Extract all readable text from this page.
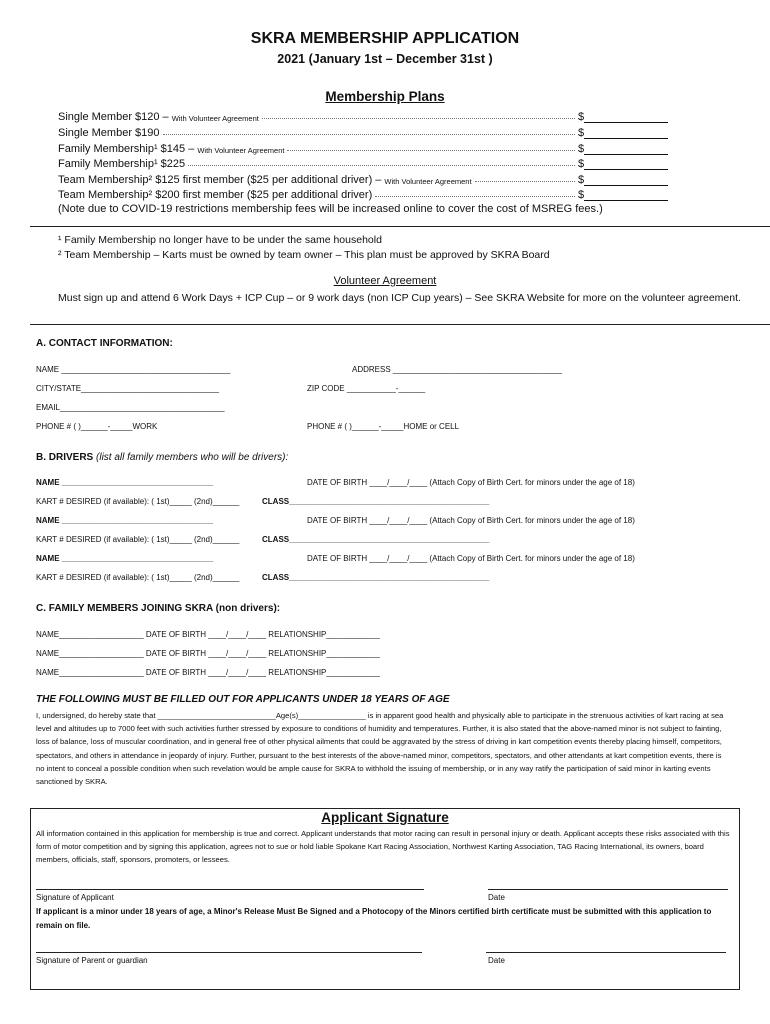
SKRA MEMBERSHIP APPLICATION
2021 (January 1st – December 31st )
Membership Plans
Single Member $120 – With Volunteer Agreement	$
Single Member $190	$
Family Membership¹ $145 – With Volunteer Agreement	$
Family Membership¹ $225	$
Team Membership² $125 first member ($25 per additional driver) – With Volunteer Agreement	$
Team Membership² $200 first member ($25 per additional driver)	$
(Note due to COVID-19 restrictions membership fees will be increased online to cover the cost of MSREG fees.)
¹ Family Membership no longer have to be under the same household
² Team Membership – Karts must be owned by team owner – This plan must be approved by SKRA Board
Volunteer Agreement
Must sign up and attend 6 Work Days + ICP Cup – or 9 work days (non ICP Cup years) – See SKRA Website for more on the volunteer agreement.
A. CONTACT INFORMATION:
NAME ______________________________________	ADDRESS ______________________________________
CITY/STATE_______________________________	ZIP CODE ___________-______
EMAIL_____________________________________
PHONE # ( )______-_____WORK	PHONE # ( )______-_____HOME or CELL
B. DRIVERS (list all family members who will be drivers):
NAME __________________________________	DATE OF BIRTH ____/____/____ (Attach Copy of Birth Cert. for minors under the age of 18)
KART # DESIRED (if available): ( 1st)_____ (2nd)______	CLASS_____________________________________________
NAME __________________________________	DATE OF BIRTH ____/____/____ (Attach Copy of Birth Cert. for minors under the age of 18)
KART # DESIRED (if available): ( 1st)_____ (2nd)______	CLASS_____________________________________________
NAME __________________________________	DATE OF BIRTH ____/____/____ (Attach Copy of Birth Cert. for minors under the age of 18)
KART # DESIRED (if available): ( 1st)_____ (2nd)______	CLASS_____________________________________________
C. FAMILY MEMBERS JOINING SKRA (non drivers):
NAME___________________ DATE OF BIRTH ____/____/____ RELATIONSHIP____________
NAME___________________ DATE OF BIRTH ____/____/____ RELATIONSHIP____________
NAME___________________ DATE OF BIRTH ____/____/____ RELATIONSHIP____________
THE FOLLOWING MUST BE FILLED OUT FOR APPLICANTS UNDER 18 YEARS OF AGE
I, undersigned, do hereby state that ____________________________Age(s)________________ is in apparent good health and physically able to participate in the strenuous activities of kart racing at sea level and altitudes up to 7000 feet with such activities further stressed by exposure to conditions of humidity and temperatures. Further, it is also stated that the above-named minor is not subject to fainting, loss of balance, loss of muscular coordination, and in general free of other physical ailments that could be aggravated by the stress of driving in kart competition events thereby placing himself, competitors, spectators, and others in attendance in jeopardy of injury. Further, pursuant to the best interests of the above-named minor, competitors, spectators, and other attendants at kart competition events, there is no intent to conceal a possible condition when such revelation would be ample cause for SKRA to withhold the issuing of membership, or in any way ratify the participation of said minor in karting events sanctioned by SKRA.
Applicant Signature
All information contained in this application for membership is true and correct. Applicant understands that motor racing can result in personal injury or death. Applicant accepts these risks associated with this form of motor competition and by signing this application, agrees not to sue or hold liable Spokane Kart Racing Association, Northwest Karting Association, TAG Racing International, its owners, board members, officials, staff, sponsors, promoters, or lessees.
Signature of Applicant	Date
If applicant is a minor under 18 years of age, a Minor's Release Must Be Signed and a Photocopy of the Minors certified birth certificate must be submitted with this application to remain on file.
Signature of Parent or guardian	Date
